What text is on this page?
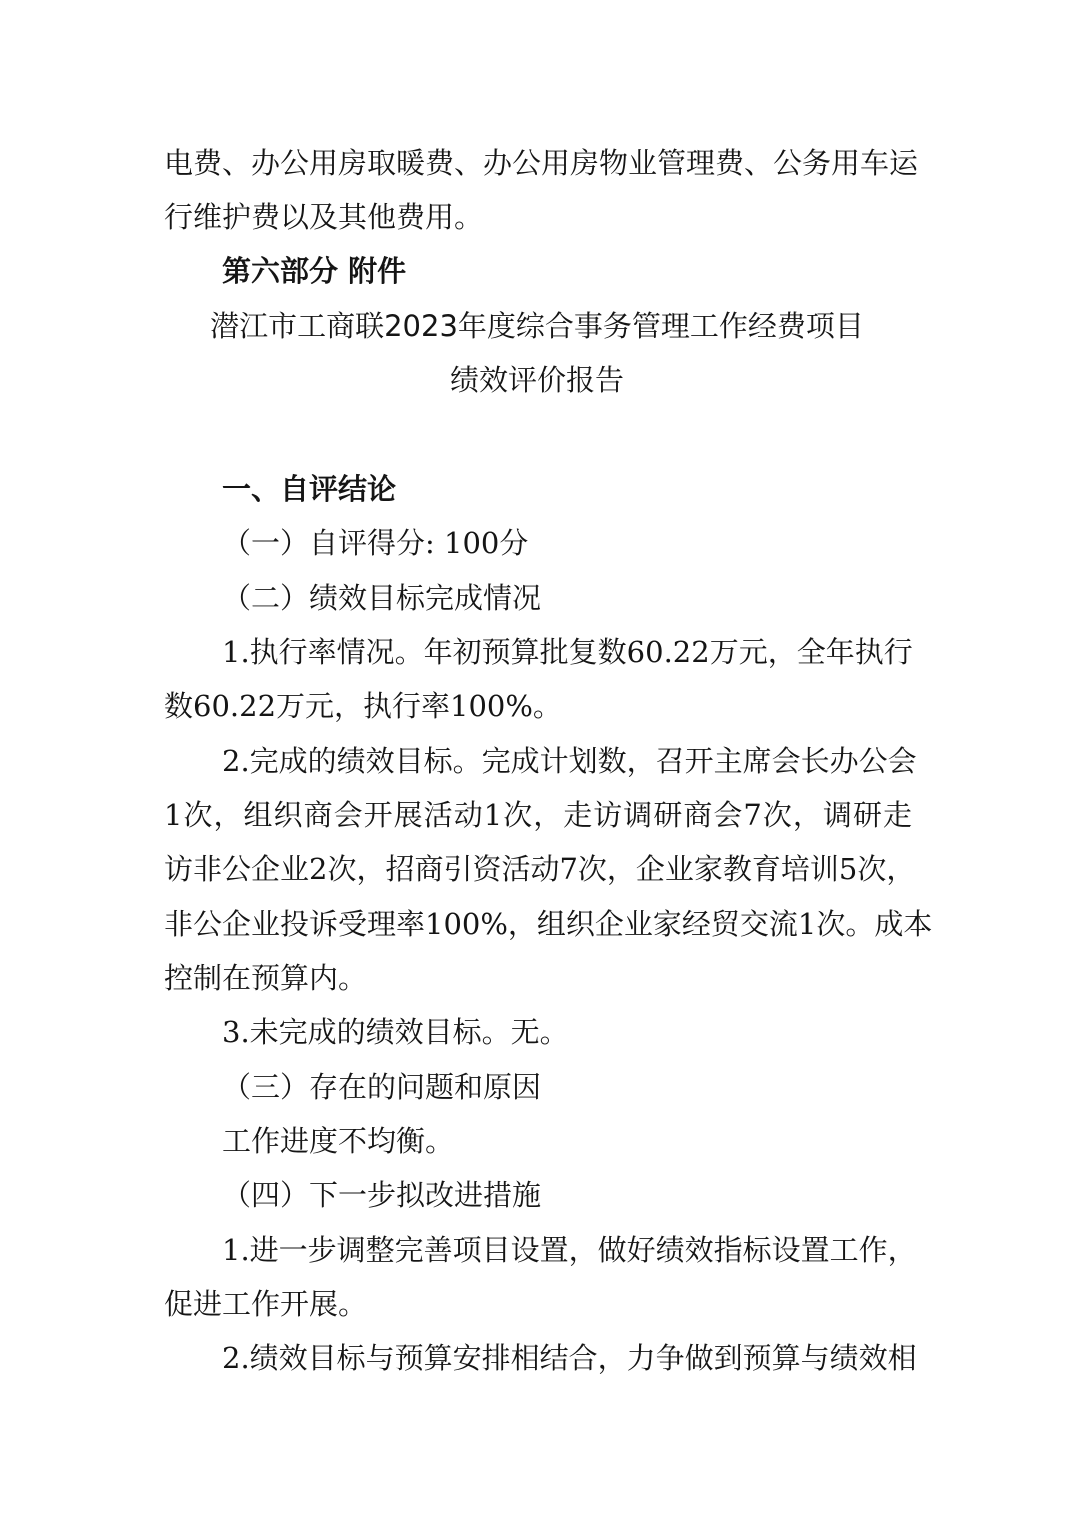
电费、办公用房取暖费、办公用房物业管理费、公务用车运
行维护费以及其他费用。
第六部分 附件
潜江市工商联2023年度综合事务管理工作经费项目
绩效评价报告
一、自评结论
（一）自评得分: 100分
（二）绩效目标完成情况
1.执行率情况。年初预算批复数60.22万元，全年执行
数60.22万元，执行率100%。
2.完成的绩效目标。完成计划数，召开主席会长办公会
1次，组织商会开展活动1次，走访调研商会7次，调研走
访非公企业2次，招商引资活动7次，企业家教育培训5次，
非公企业投诉受理率100%，组织企业家经贸交流1次。成本
控制在预算内。
3.未完成的绩效目标。无。
（三）存在的问题和原因
工作进度不均衡。
（四）下一步拟改进措施
1.进一步调整完善项目设置，做好绩效指标设置工作，
促进工作开展。
2.绩效目标与预算安排相结合，力争做到预算与绩效相
